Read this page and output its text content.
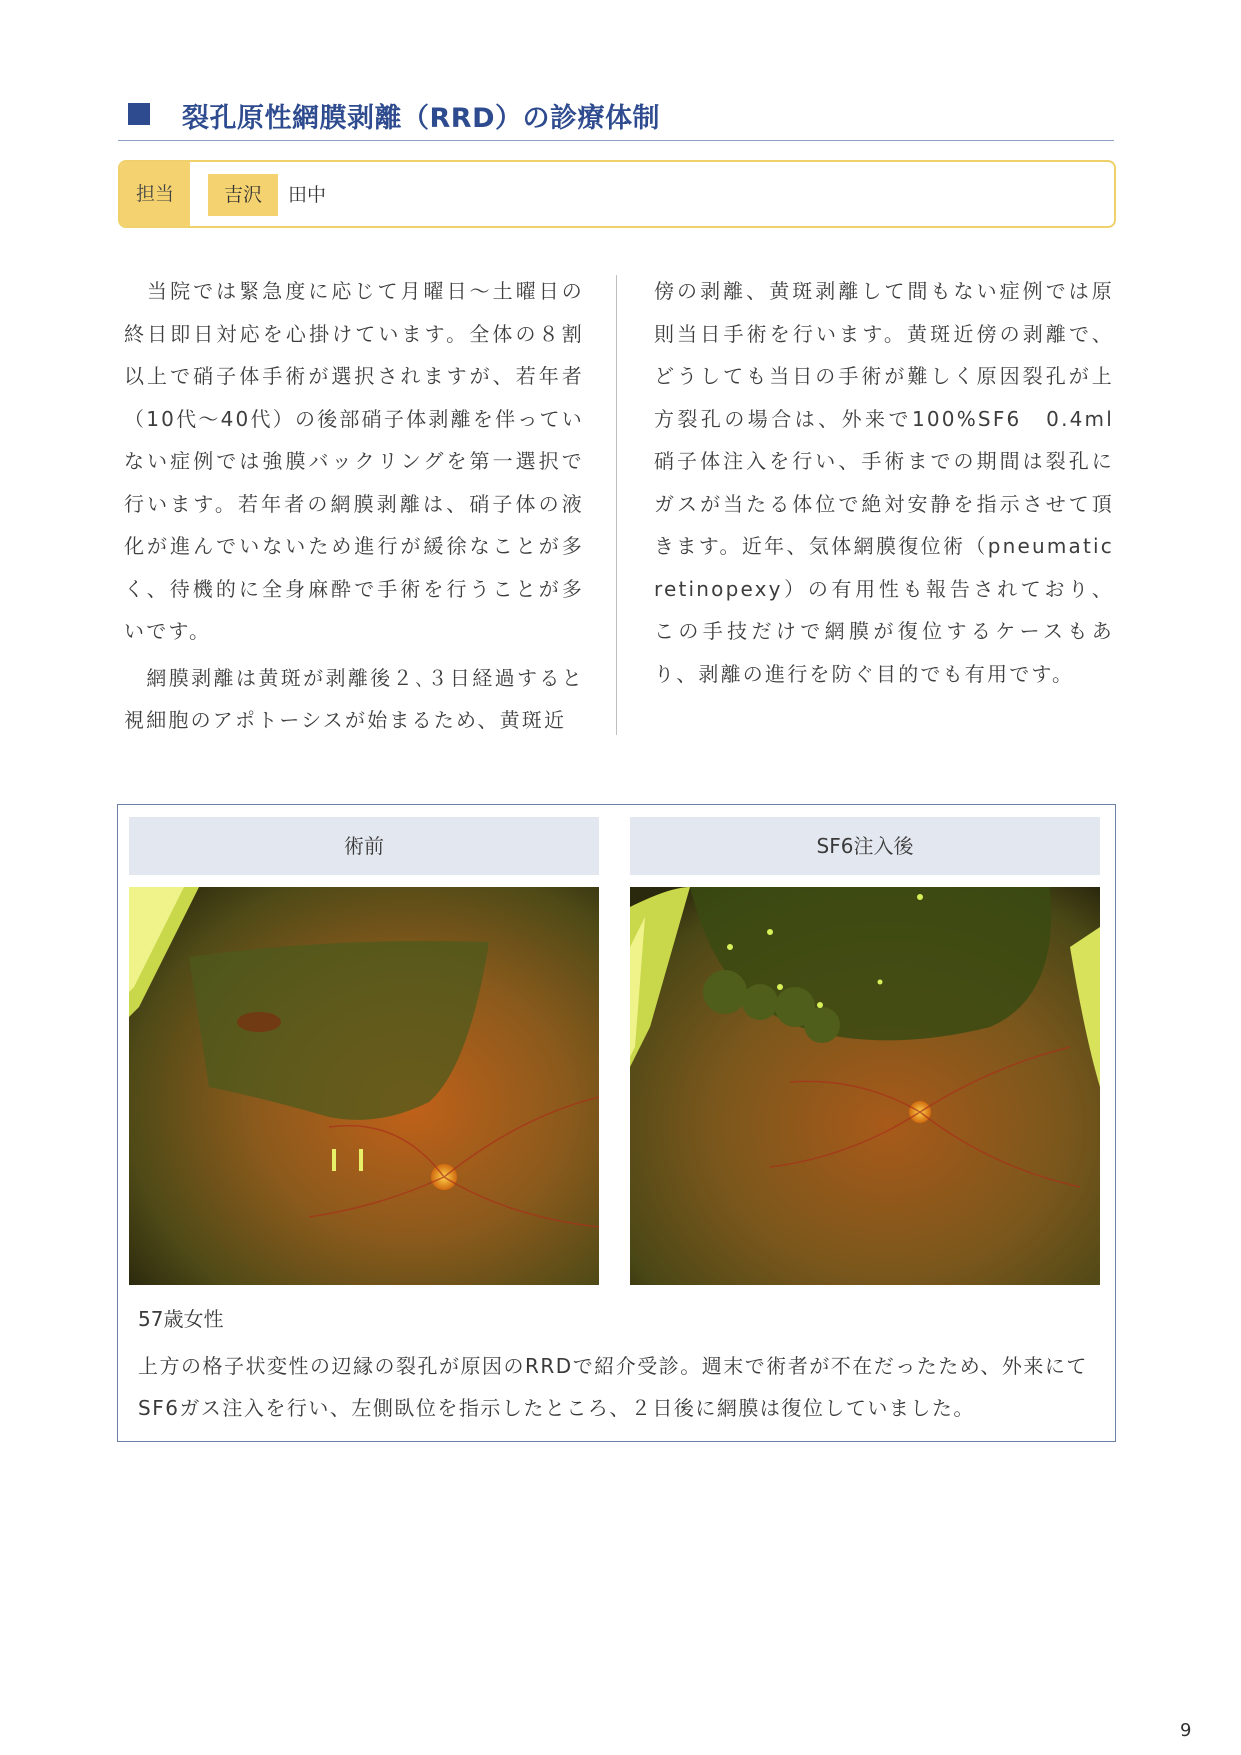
裂孔原性網膜剥離（RRD）の診療体制
担当	吉沢	田中

　当院では緊急度に応じて月曜日～土曜日の終日即日対応を心掛けています。全体の８割以上で硝子体手術が選択されますが、若年者（10代～40代）の後部硝子体剥離を伴っていない症例では強膜バックリングを第一選択で行います。若年者の網膜剥離は、硝子体の液化が進んでいないため進行が緩徐なことが多く、待機的に全身麻酔で手術を行うことが多いです。

　網膜剥離は黄斑が剥離後２､３日経過すると視細胞のアポトーシスが始まるため、黄斑近

傍の剥離、黄斑剥離して間もない症例では原則当日手術を行います。黄斑近傍の剥離で、どうしても当日の手術が難しく原因裂孔が上方裂孔の場合は、外来で100%SF6　0.4ml硝子体注入を行い、手術までの期間は裂孔にガスが当たる体位で絶対安静を指示させて頂きます。近年、気体網膜復位術（pneumatic retinopexy）の有用性も報告されており、この手技だけで網膜が復位するケースもあり、剥離の進行を防ぐ目的でも有用です。

術前	SF6注入後
57歳女性
上方の格子状変性の辺縁の裂孔が原因のRRDで紹介受診。週末で術者が不在だったため、外来にてSF6ガス注入を行い、左側臥位を指示したところ、２日後に網膜は復位していました。
9
